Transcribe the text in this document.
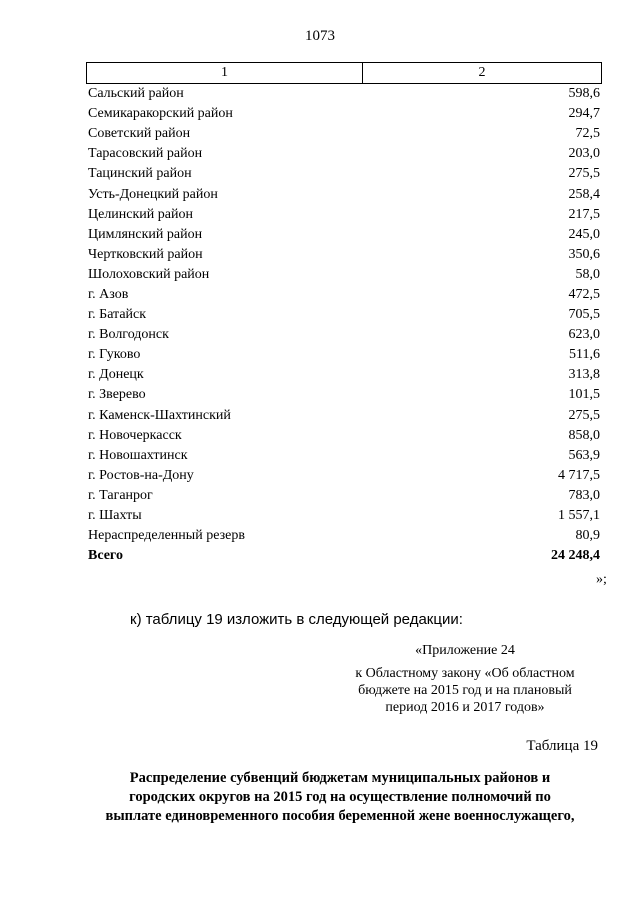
1073
1	2
Сальский район	598,6
Семикаракорский район	294,7
Советский район	72,5
Тарасовский район	203,0
Тацинский район	275,5
Усть-Донецкий район	258,4
Целинский район	217,5
Цимлянский район	245,0
Чертковский район	350,6
Шолоховский район	58,0
г. Азов	472,5
г. Батайск	705,5
г. Волгодонск	623,0
г. Гуково	511,6
г. Донецк	313,8
г. Зверево	101,5
г. Каменск-Шахтинский	275,5
г. Новочеркасск	858,0
г. Новошахтинск	563,9
г. Ростов-на-Дону	4 717,5
г. Таганрог	783,0
г. Шахты	1 557,1
Нераспределенный резерв	80,9
Всего	24 248,4
»;
к) таблицу 19 изложить в следующей редакции:
«Приложение 24
к Областному закону «Об областном
бюджете на 2015 год и на плановый
период 2016 и 2017 годов»
Таблица 19
Распределение субвенций бюджетам муниципальных районов и
городских округов на 2015 год на осуществление полномочий по
выплате единовременного пособия беременной жене военнослужащего,
